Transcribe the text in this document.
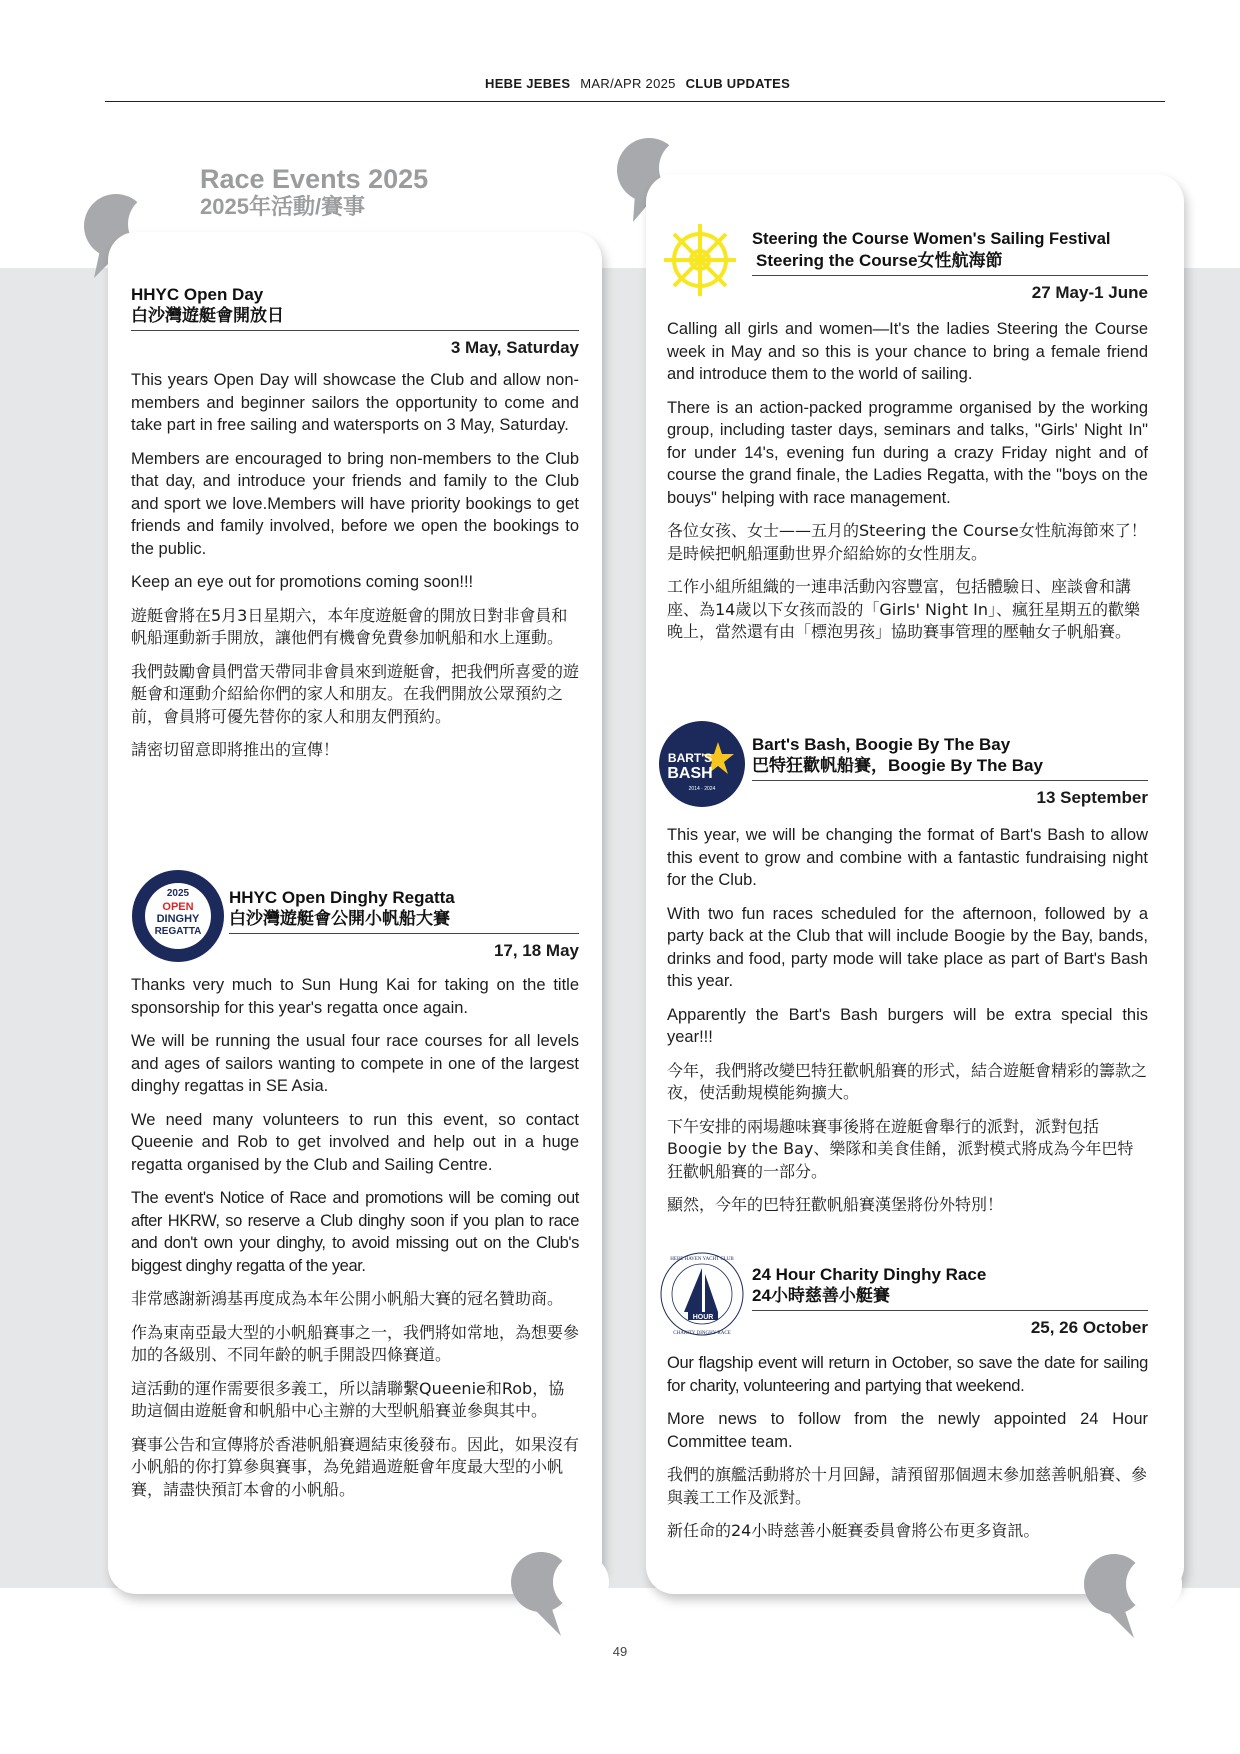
HEBE JEBES MAR/APR 2025 CLUB UPDATES
Race Events 2025
2025年活動/賽事
HHYC Open Day
白沙灣遊艇會開放日
3 May, Saturday

This years Open Day will showcase the Club and allow non-members and beginner sailors the opportunity to come and take part in free sailing and watersports on 3 May, Saturday.

Members are encouraged to bring non-members to the Club that day, and introduce your friends and family to the Club and sport we love.Members will have priority bookings to get friends and family involved, before we open the bookings to the public.

Keep an eye out for promotions coming soon!!!

遊艇會將在5月3日星期六，本年度遊艇會的開放日對非會員和帆船運動新手開放，讓他們有機會免費參加帆船和水上運動。

我們鼓勵會員們當天帶同非會員來到遊艇會，把我們所喜愛的遊艇會和運動介紹給你們的家人和朋友。在我們開放公眾預約之前，會員將可優先替你的家人和朋友們預約。

請密切留意即將推出的宣傳！

2025
OPEN
DINGHY
REGATTA
HHYC Open Dinghy Regatta
白沙灣遊艇會公開小帆船大賽
17, 18 May

Thanks very much to Sun Hung Kai for taking on the title sponsorship for this year's regatta once again.

We will be running the usual four race courses for all levels and ages of sailors wanting to compete in one of the largest dinghy regattas in SE Asia.

We need many volunteers to run this event, so contact Queenie and Rob to get involved and help out in a huge regatta organised by the Club and Sailing Centre.

The event's Notice of Race and promotions will be coming out after HKRW, so reserve a Club dinghy soon if you plan to race and don't own your dinghy, to avoid missing out on the Club's biggest dinghy regatta of the year.

非常感謝新鴻基再度成為本年公開小帆船大賽的冠名贊助商。

作為東南亞最大型的小帆船賽事之一，我們將如常地，為想要參加的各級別、不同年齡的帆手開設四條賽道。

這活動的運作需要很多義工，所以請聯繫Queenie和Rob，協助這個由遊艇會和帆船中心主辦的大型帆船賽並參與其中。

賽事公告和宣傳將於香港帆船賽週結束後發布。因此，如果沒有小帆船的你打算參與賽事，為免錯過遊艇會年度最大型的小帆賽，請盡快預訂本會的小帆船。

Steering the Course Women's Sailing Festival
Steering the Course女性航海節
27 May-1 June

Calling all girls and women—It's the ladies Steering the Course week in May and so this is your chance to bring a female friend and introduce them to the world of sailing.

There is an action-packed programme organised by the working group, including taster days, seminars and talks, "Girls' Night In" for under 14's, evening fun during a crazy Friday night and of course the grand finale, the Ladies Regatta, with the "boys on the bouys" helping with race management.

各位女孩、女士——五月的Steering the Course女性航海節來了！是時候把帆船運動世界介紹給妳的女性朋友。

工作小組所組織的一連串活動內容豐富，包括體驗日、座談會和講座、為14歲以下女孩而設的「Girls' Night In」、瘋狂星期五的歡樂晚上，當然還有由「標泡男孩」協助賽事管理的壓軸女子帆船賽。

BART'S
BASH
2014 · 2024
Bart's Bash, Boogie By The Bay
巴特狂歡帆船賽，Boogie By The Bay
13 September

This year, we will be changing the format of Bart's Bash to allow this event to grow and combine with a fantastic fundraising night for the Club.

With two fun races scheduled for the afternoon, followed by a party back at the Club that will include Boogie by the Bay, bands, drinks and food, party mode will take place as part of Bart's Bash this year.

Apparently the Bart's Bash burgers will be extra special this year!!!

今年，我們將改變巴特狂歡帆船賽的形式，結合遊艇會精彩的籌款之夜，使活動規模能夠擴大。

下午安排的兩場趣味賽事後將在遊艇會舉行的派對，派對包括Boogie by the Bay、樂隊和美食佳餚，派對模式將成為今年巴特狂歡帆船賽的一部分。

顯然，今年的巴特狂歡帆船賽漢堡將份外特別！

HOUR
HEBE HAVEN YACHT CLUB
CHARITY DINGHY RACE
24 Hour Charity Dinghy Race
24小時慈善小艇賽
25, 26 October

Our flagship event will return in October, so save the date for sailing for charity, volunteering and partying that weekend.

More news to follow from the newly appointed 24 Hour Committee team.

我們的旗艦活動將於十月回歸，請預留那個週末參加慈善帆船賽、參與義工工作及派對。

新任命的24小時慈善小艇賽委員會將公布更多資訊。

49
